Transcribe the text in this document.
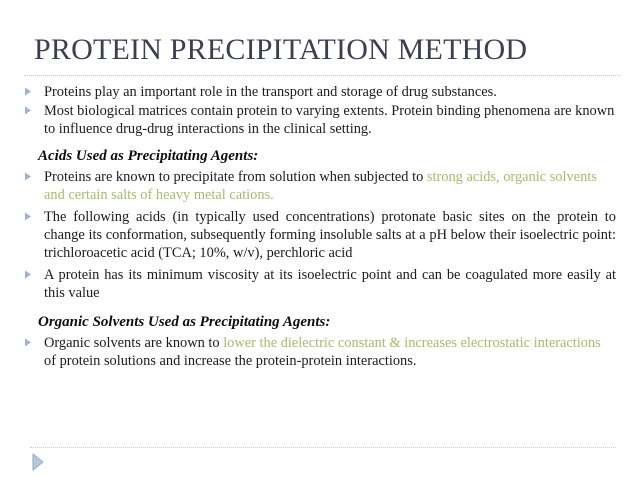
PROTEIN PRECIPITATION METHOD
Proteins play an important role in the transport and storage of drug substances.
Most biological matrices contain protein to varying extents. Protein binding phenomena are known to influence drug-drug interactions in the clinical setting.
Acids Used as Precipitating Agents:
Proteins are known to precipitate from solution when subjected to strong acids, organic solvents and certain salts of heavy metal cations.
The following acids (in typically used concentrations) protonate basic sites on the protein to change its conformation, subsequently forming insoluble salts at a pH below their isoelectric point: trichloroacetic acid (TCA; 10%, w/v), perchloric acid
A protein has its minimum viscosity at its isoelectric point and can be coagulated more easily at this value
Organic Solvents Used as Precipitating Agents:
Organic solvents are known to lower the dielectric constant & increases electrostatic interactions of protein solutions and increase the protein-protein interactions.
